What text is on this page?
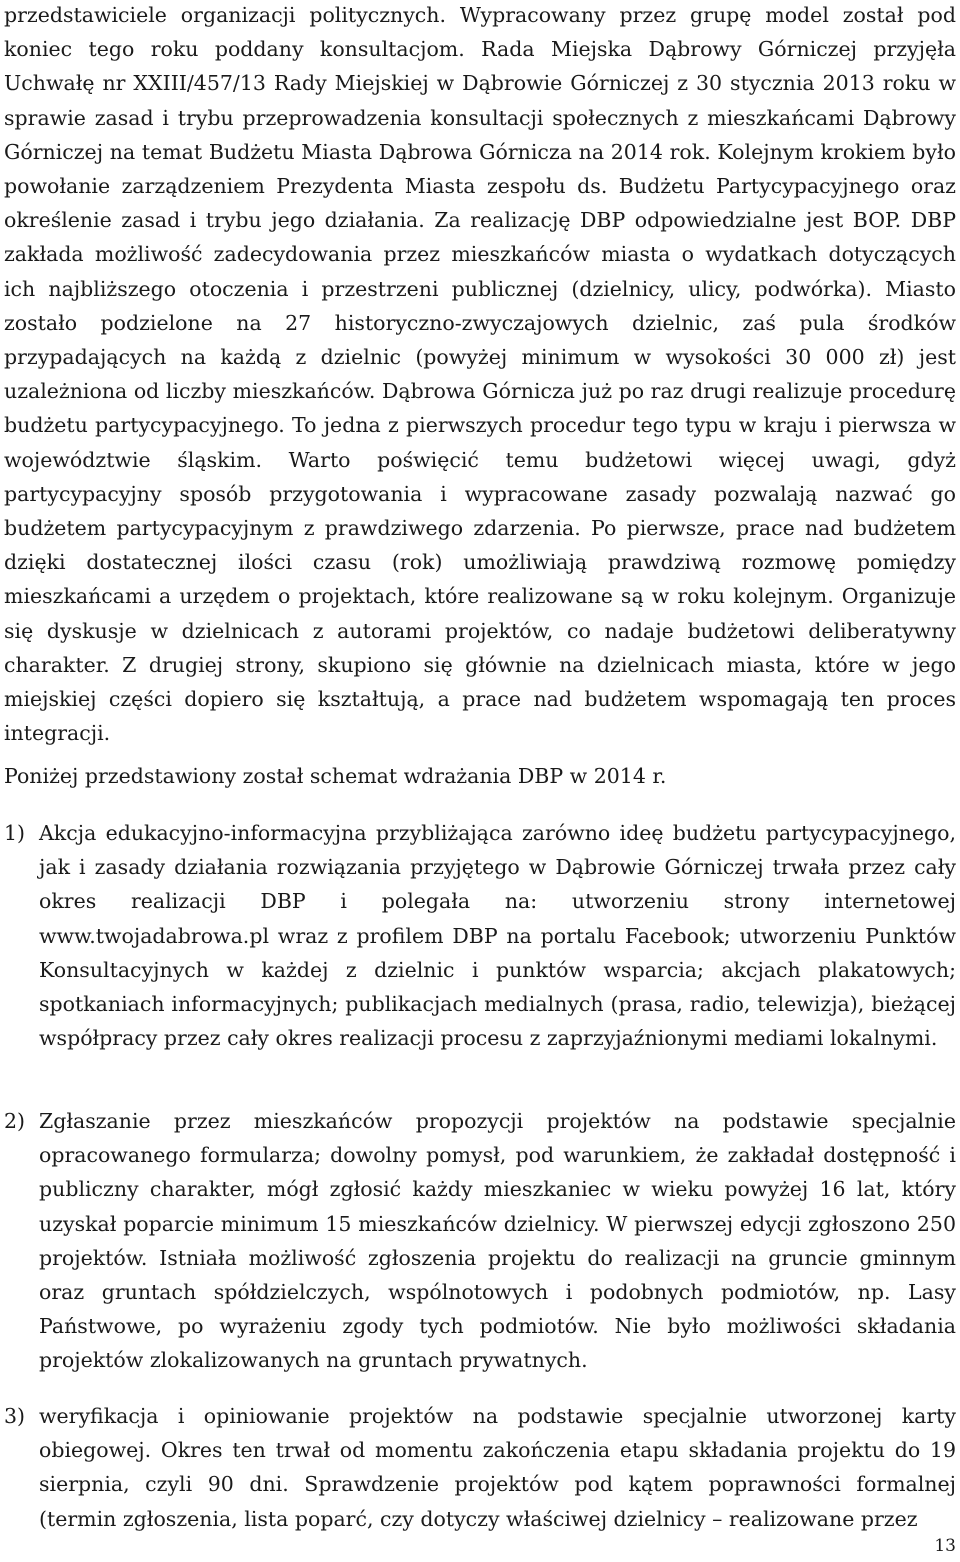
przedstawiciele organizacji politycznych. Wypracowany przez grupę model został pod koniec tego roku poddany konsultacjom. Rada Miejska Dąbrowy Górniczej przyjęła Uchwałę nr XXIII/457/13 Rady Miejskiej w Dąbrowie Górniczej z 30 stycznia 2013 roku w sprawie zasad i trybu przeprowadzenia konsultacji społecznych z mieszkańcami Dąbrowy Górniczej na temat Budżetu Miasta Dąbrowa Górnicza na 2014 rok. Kolejnym krokiem było powołanie zarządzeniem Prezydenta Miasta zespołu ds. Budżetu Partycypacyjnego oraz określenie zasad i trybu jego działania. Za realizację DBP odpowiedzialne jest BOP. DBP zakłada możliwość zadecydowania przez mieszkańców miasta o wydatkach dotyczących ich najbliższego otoczenia i przestrzeni publicznej (dzielnicy, ulicy, podwórka). Miasto zostało podzielone na 27 historyczno-zwyczajowych dzielnic, zaś pula środków przypadających na każdą z dzielnic (powyżej minimum w wysokości 30 000 zł) jest uzależniona od liczby mieszkańców. Dąbrowa Górnicza już po raz drugi realizuje procedurę budżetu partycypacyjnego. To jedna z pierwszych procedur tego typu w kraju i pierwsza w województwie śląskim. Warto poświęcić temu budżetowi więcej uwagi, gdyż partycypacyjny sposób przygotowania i wypracowane zasady pozwalają nazwać go budżetem partycypacyjnym z prawdziwego zdarzenia. Po pierwsze, prace nad budżetem dzięki dostatecznej ilości czasu (rok) umożliwiają prawdziwą rozmowę pomiędzy mieszkańcami a urzędem o projektach, które realizowane są w roku kolejnym. Organizuje się dyskusje w dzielnicach z autorami projektów, co nadaje budżetowi deliberatywny charakter. Z drugiej strony, skupiono się głównie na dzielnicach miasta, które w jego miejskiej części dopiero się kształtują, a prace nad budżetem wspomagają ten proces integracji.

Poniżej przedstawiony został schemat wdrażania DBP w 2014 r.

1) Akcja edukacyjno-informacyjna przybliżająca zarówno ideę budżetu partycypacyjnego, jak i zasady działania rozwiązania przyjętego w Dąbrowie Górniczej trwała przez cały okres realizacji DBP i polegała na: utworzeniu strony internetowej www.twojadabrowa.pl wraz z profilem DBP na portalu Facebook; utworzeniu Punktów Konsultacyjnych w każdej z dzielnic i punktów wsparcia; akcjach plakatowych; spotkaniach informacyjnych; publikacjach medialnych (prasa, radio, telewizja), bieżącej współpracy przez cały okres realizacji procesu z zaprzyjaźnionymi mediami lokalnymi.

2) Zgłaszanie przez mieszkańców propozycji projektów na podstawie specjalnie opracowanego formularza; dowolny pomysł, pod warunkiem, że zakładał dostępność i publiczny charakter, mógł zgłosić każdy mieszkaniec w wieku powyżej 16 lat, który uzyskał poparcie minimum 15 mieszkańców dzielnicy. W pierwszej edycji zgłoszono 250 projektów. Istniała możliwość zgłoszenia projektu do realizacji na gruncie gminnym oraz gruntach spółdzielczych, wspólnotowych i podobnych podmiotów, np. Lasy Państwowe, po wyrażeniu zgody tych podmiotów. Nie było możliwości składania projektów zlokalizowanych na gruntach prywatnych.

3) weryfikacja i opiniowanie projektów na podstawie specjalnie utworzonej karty obiegowej. Okres ten trwał od momentu zakończenia etapu składania projektu do 19 sierpnia, czyli 90 dni. Sprawdzenie projektów pod kątem poprawności formalnej (termin zgłoszenia, lista poparć, czy dotyczy właściwej dzielnicy – realizowane przez

13
